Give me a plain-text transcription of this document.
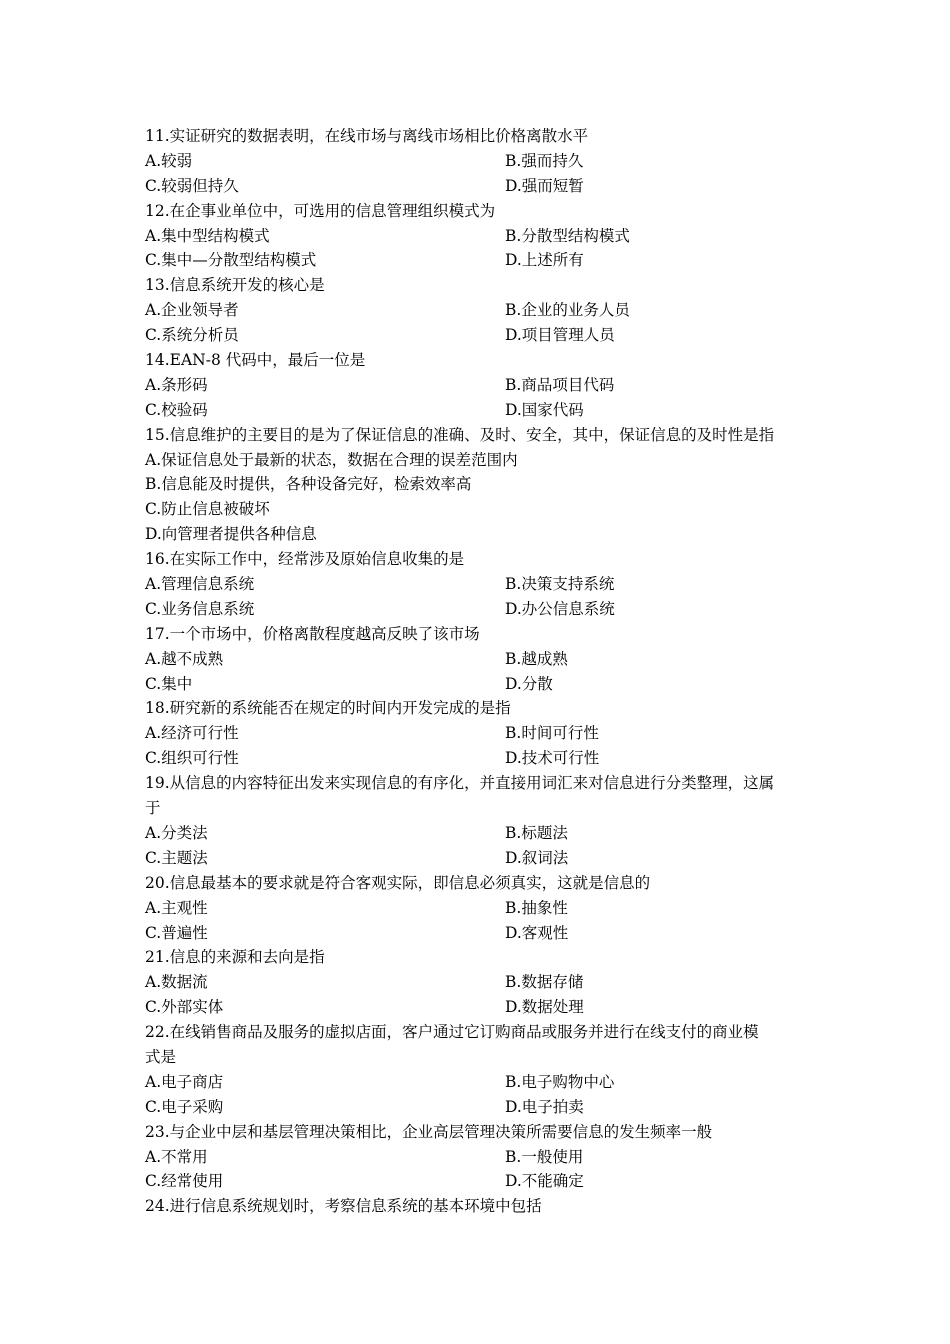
11.实证研究的数据表明，在线市场与离线市场相比价格离散水平
A.较弱	B.强而持久
C.较弱但持久	D.强而短暂
12.在企事业单位中，可选用的信息管理组织模式为
A.集中型结构模式	B.分散型结构模式
C.集中—分散型结构模式	D.上述所有
13.信息系统开发的核心是
A.企业领导者	B.企业的业务人员
C.系统分析员	D.项目管理人员
14.EAN-8 代码中，最后一位是
A.条形码	B.商品项目代码
C.校验码	D.国家代码
15.信息维护的主要目的是为了保证信息的准确、及时、安全，其中，保证信息的及时性是指
A.保证信息处于最新的状态，数据在合理的误差范围内
B.信息能及时提供，各种设备完好，检索效率高
C.防止信息被破坏
D.向管理者提供各种信息
16.在实际工作中，经常涉及原始信息收集的是
A.管理信息系统	B.决策支持系统
C.业务信息系统	D.办公信息系统
17.一个市场中，价格离散程度越高反映了该市场
A.越不成熟	B.越成熟
C.集中	D.分散
18.研究新的系统能否在规定的时间内开发完成的是指
A.经济可行性	B.时间可行性
C.组织可行性	D.技术可行性
19.从信息的内容特征出发来实现信息的有序化，并直接用词汇来对信息进行分类整理，这属
于
A.分类法	B.标题法
C.主题法	D.叙词法
20.信息最基本的要求就是符合客观实际，即信息必须真实，这就是信息的
A.主观性	B.抽象性
C.普遍性	D.客观性
21.信息的来源和去向是指
A.数据流	B.数据存储
C.外部实体	D.数据处理
22.在线销售商品及服务的虚拟店面，客户通过它订购商品或服务并进行在线支付的商业模
式是
A.电子商店	B.电子购物中心
C.电子采购	D.电子拍卖
23.与企业中层和基层管理决策相比，企业高层管理决策所需要信息的发生频率一般
A.不常用	B.一般使用
C.经常使用	D.不能确定
24.进行信息系统规划时，考察信息系统的基本环境中包括
